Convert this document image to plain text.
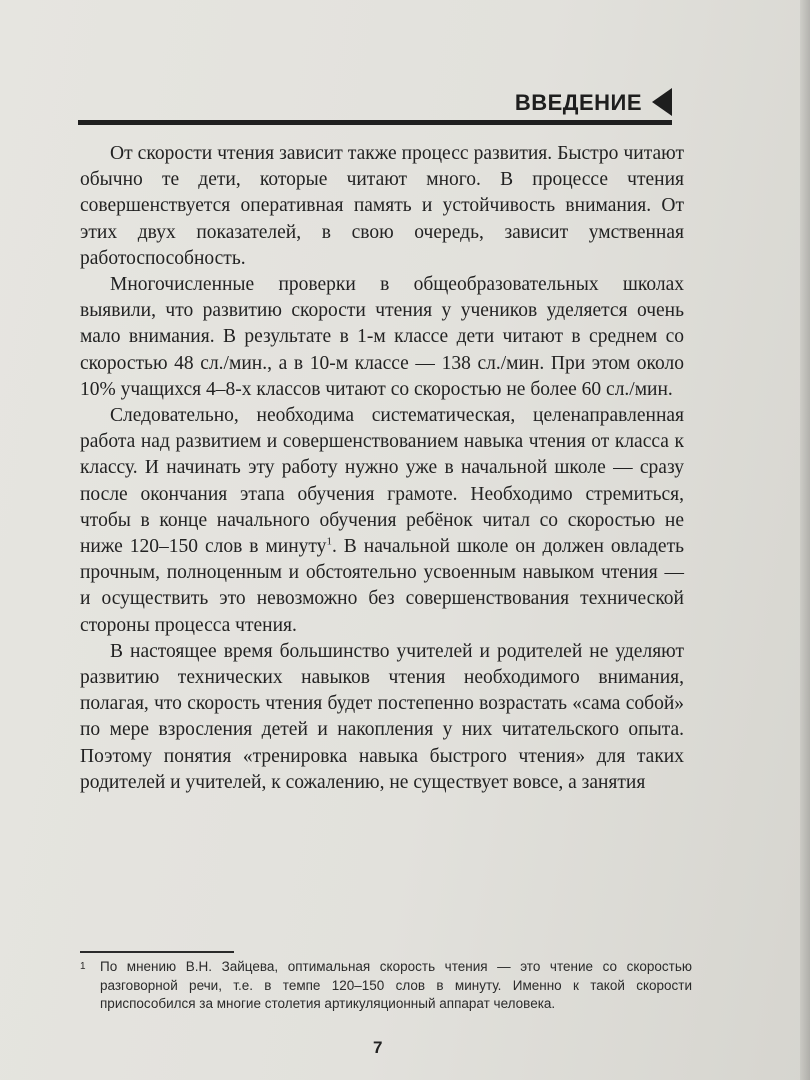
ВВЕДЕНИЕ

От скорости чтения зависит также процесс развития. Быстро читают обычно те дети, которые читают много. В процессе чтения совершенствуется оперативная память и устойчивость внимания. От этих двух показателей, в свою очередь, зависит умственная работоспособность.

Многочисленные проверки в общеобразовательных школах выявили, что развитию скорости чтения у учеников уделяется очень мало внимания. В результате в 1-м классе дети читают в среднем со скоростью 48 сл./мин., а в 10-м классе — 138 сл./мин. При этом около 10% учащихся 4–8-х классов читают со скоростью не более 60 сл./мин.

Следовательно, необходима систематическая, целенаправленная работа над развитием и совершенствованием навыка чтения от класса к классу. И начинать эту работу нужно уже в начальной школе — сразу после окончания этапа обучения грамоте. Необходимо стремиться, чтобы в конце начального обучения ребёнок читал со скоростью не ниже 120–150 слов в минуту$^1$. В начальной школе он должен овладеть прочным, полноценным и обстоятельно усвоенным навыком чтения — и осуществить это невозможно без совершенствования технической стороны процесса чтения.

В настоящее время большинство учителей и родителей не уделяют развитию технических навыков чтения необходимого внимания, полагая, что скорость чтения будет постепенно возрастать «сама собой» по мере взросления детей и накопления у них читательского опыта. Поэтому понятия «тренировка навыка быстрого чтения» для таких родителей и учителей, к сожалению, не существует вовсе, а занятия

1 По мнению В.Н. Зайцева, оптимальная скорость чтения — это чтение со скоростью разговорной речи, т.е. в темпе 120–150 слов в минуту. Именно к такой скорости приспособился за многие столетия артикуляционный аппарат человека.
7
